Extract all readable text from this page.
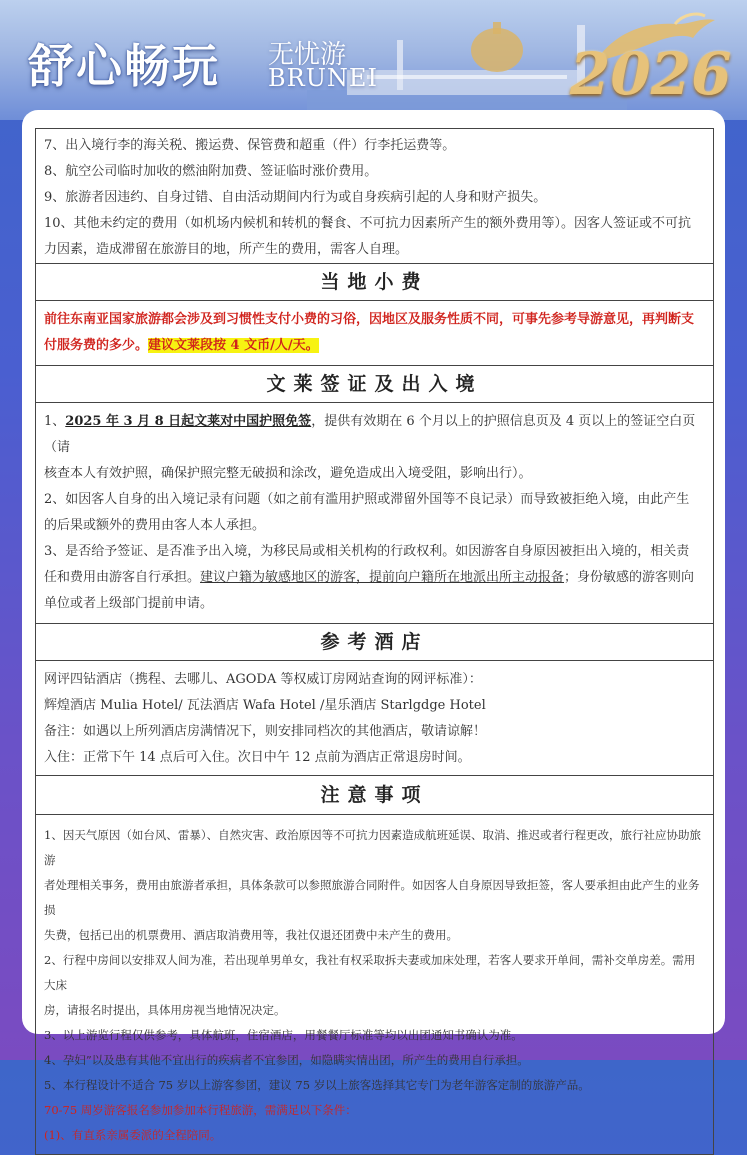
舒心畅玩 无忧游
BRUNEI	2026

7、出入境行李的海关税、搬运费、保管费和超重（件）行李托运费等。

8、航空公司临时加收的燃油附加费、签证临时涨价费用。

9、旅游者因违约、自身过错、自由活动期间内行为或自身疾病引起的人身和财产损失。

10、其他未约定的费用（如机场内候机和转机的餐食、不可抗力因素所产生的额外费用等）。因客人签证或不可抗

力因素，造成滞留在旅游目的地，所产生的费用，需客人自理。

当地小费

前往东南亚国家旅游都会涉及到习惯性支付小费的习俗，因地区及服务性质不同，可事先参考导游意见，再判断支

付服务费的多少。建议文莱段按 4 文币/人/天。

文莱签证及出入境

1、2025 年 3 月 8 日起文莱对中国护照免签，提供有效期在 6 个月以上的护照信息页及 4 页以上的签证空白页（请

核查本人有效护照，确保护照完整无破损和涂改，避免造成出入境受阻，影响出行）。

2、如因客人自身的出入境记录有问题（如之前有滥用护照或滞留外国等不良记录）而导致被拒绝入境，由此产生

的后果或额外的费用由客人本人承担。

3、是否给予签证、是否准予出入境，为移民局或相关机构的行政权利。如因游客自身原因被拒出入境的，相关责

任和费用由游客自行承担。建议户籍为敏感地区的游客，提前向户籍所在地派出所主动报备；身份敏感的游客则向

单位或者上级部门提前申请。

参考酒店

网评四钻酒店（携程、去哪儿、AGODA 等权威订房网站查询的网评标准）：

辉煌酒店 Mulia Hotel/ 瓦法酒店 Wafa Hotel /星乐酒店 Starlgdge Hotel

备注：如遇以上所列酒店房满情况下，则安排同档次的其他酒店，敬请谅解！

入住：正常下午 14 点后可入住。次日中午 12 点前为酒店正常退房时间。

注意事项

1、因天气原因（如台风、雷暴）、自然灾害、政治原因等不可抗力因素造成航班延误、取消、推迟或者行程更改，旅行社应协助旅游

者处理相关事务，费用由旅游者承担，具体条款可以参照旅游合同附件。如因客人自身原因导致拒签，客人要承担由此产生的业务损

失费，包括已出的机票费用、酒店取消费用等，我社仅退还团费中未产生的费用。

2、行程中房间以安排双人间为准，若出现单男单女，我社有权采取拆夫妻或加床处理，若客人要求开单间，需补交单房差。需用大床

房，请报名时提出，具体用房视当地情况决定。

3、以上游览行程仅供参考，具体航班，住宿酒店，用餐餐厅标准等均以出团通知书确认为准。

4、孕妇”以及患有其他不宜出行的疾病者不宜参团，如隐瞒实情出团，所产生的费用自行承担。

5、本行程设计不适合 75 岁以上游客参团，建议 75 岁以上旅客选择其它专门为老年游客定制的旅游产品。

70-75 周岁游客报名参加参加本行程旅游，需满足以下条件：

(1)、有直系亲属委派的全程陪同。
